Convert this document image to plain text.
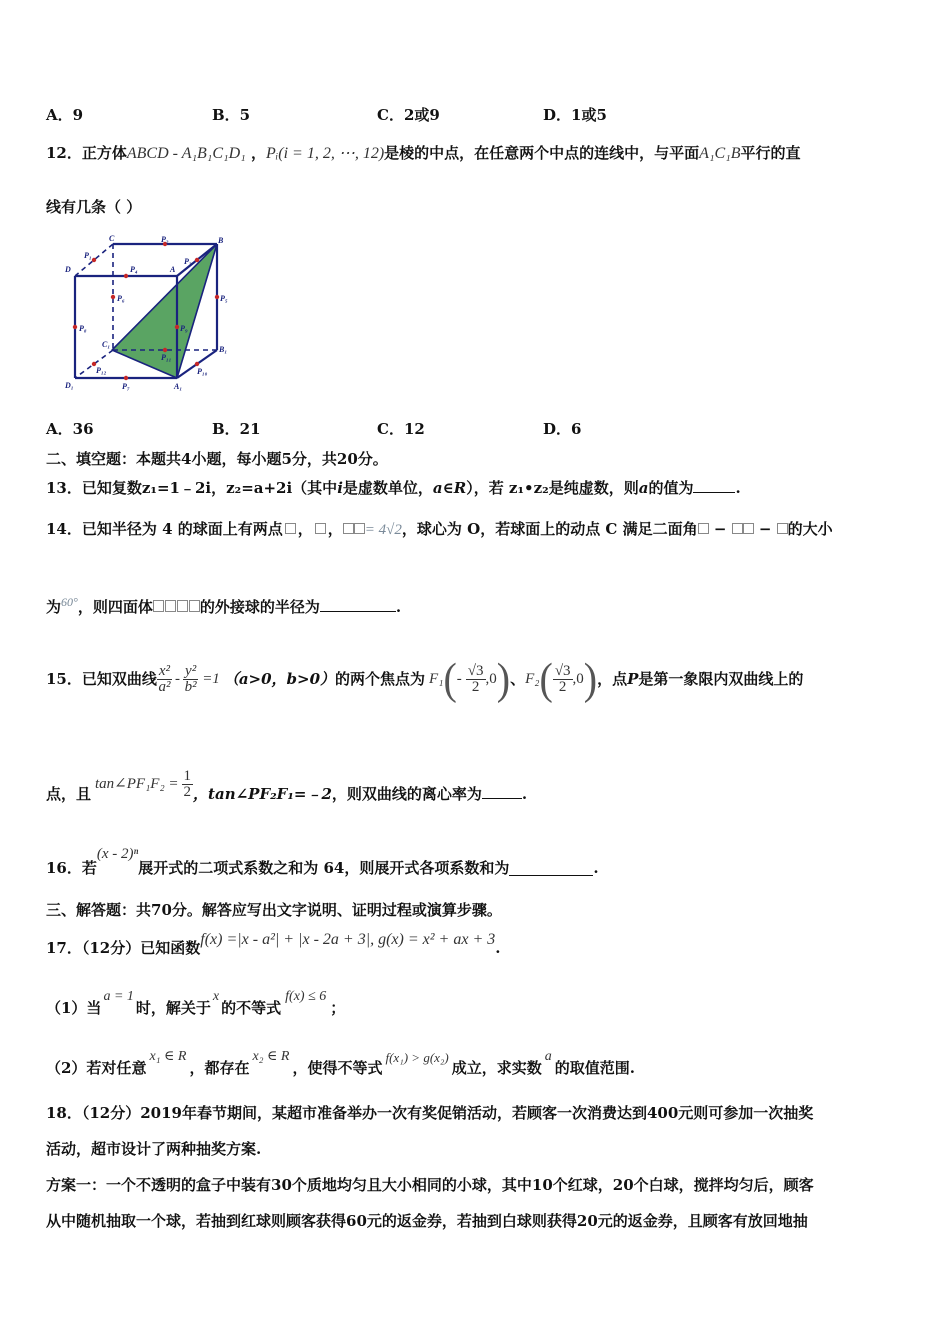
A．9	B．5	C．2或9	D．1或5
12．正方体ABCD - A₁B₁C₁D₁ ，Pᵢ(i = 1, 2, ⋯, 12)是棱的中点，在任意两个中点的连线中，与平面A₁C₁B平行的直
线有几条（ ）
C	P₂	B
D
P₁
P₄	A
P₃
P₆	P₅
P₉
P₈
C₁
P₁₁
B₁
P₁₂	P₁₀
D₁	P₇	A₁
A．36	B．21	C．12	D．6
二、填空题：本题共4小题，每小题5分，共20分。
13．已知复数z₁=1﹣2i，z₂=a+2i（其中i是虚数单位，a∈R），若 z₁•z₂是纯虚数，则a的值为	.
14．已知半径为 4 的球面上有两点 ， ， = 4√2，球心为 O，若球面上的动点 C 满足二面角 −  − 的大小
为$^{60^\circ}$，则四面体	的外接球的半径为	.
15．已知双曲线 $\frac{\text{x²}}{\text{a²}} - \frac{\text{y²}}{\text{b²}} =1$ （a>0，b>0） 的两个焦点为 F₁ ( - $\frac{√3}{2} ,0$ ) 、 F₂ ( $\frac{√3}{2} ,0$ ) ，点 P 是第一象限内双曲线上的
点，且
tan∠PF₁F₂ = $\frac{1}{2}$ ，tan∠PF₂F₁=﹣2 ，则双曲线的离心率为	.
16．若
(x - 2)ⁿ
展开式的二项式系数之和为 64，则展开式各项系数和为	.
三、解答题：共70分。解答应写出文字说明、证明过程或演算步骤。
17．（12分）已知函数 f(x) =|x - a²| + |x - 2a + 3|, g(x) = x² + ax + 3 .
（1）当
a = 1
时，解关于
x
的不等式
f(x) ≤ 6
；
（2）若对任意
x₁ ∈ R
，都存在
x₂ ∈ R
，使得不等式
f(x₁) > g(x₂)
成立，求实数
a
的取值范围.
18．（12分）2019年春节期间，某超市准备举办一次有奖促销活动，若顾客一次消费达到400元则可参加一次抽奖
活动，超市设计了两种抽奖方案.
方案一：一个不透明的盒子中装有30个质地均匀且大小相同的小球，其中10个红球，20个白球，搅拌均匀后，顾客
从中随机抽取一个球，若抽到红球则顾客获得60元的返金券，若抽到白球则获得20元的返金券，且顾客有放回地抽
